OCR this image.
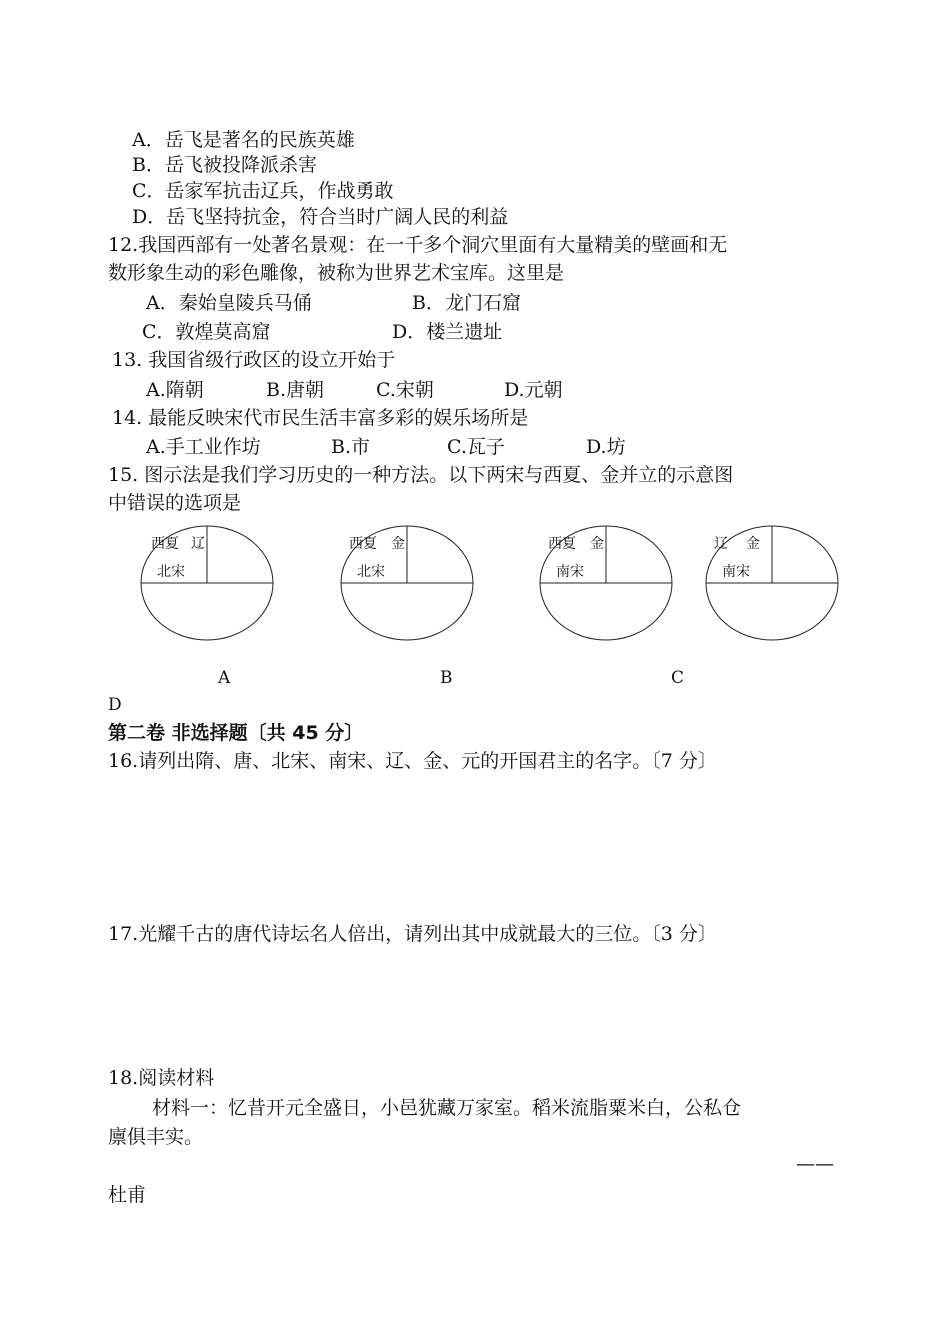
A．岳飞是著名的民族英雄
B．岳飞被投降派杀害
C．岳家军抗击辽兵，作战勇敢
D．岳飞坚持抗金，符合当时广阔人民的利益
12.我国西部有一处著名景观：在一千多个洞穴里面有大量精美的壁画和无
数形象生动的彩色雕像，被称为世界艺术宝库。这里是
A．秦始皇陵兵马俑	B．龙门石窟
C．敦煌莫高窟	D．楼兰遗址
13. 我国省级行政区的设立开始于
A.隋朝	B.唐朝	C.宋朝	D.元朝
14. 最能反映宋代市民生活丰富多彩的娱乐场所是
A.手工业作坊	B.市	C.瓦子	D.坊
15. 图示法是我们学习历史的一种方法。以下两宋与西夏、金并立的示意图
中错误的选项是
西夏 辽
北宋
西夏 金
北宋
西夏 金
南宋
辽 金
南宋
A	B	C
D
第二卷 非选择题〔共 45 分〕
16.请列出隋、唐、北宋、南宋、辽、金、元的开国君主的名字。〔7 分〕
17.光耀千古的唐代诗坛名人倍出，请列出其中成就最大的三位。〔3 分〕
18.阅读材料
材料一：忆昔开元全盛日，小邑犹藏万家室。稻米流脂粟米白，公私仓
廪俱丰实。
——
杜甫
